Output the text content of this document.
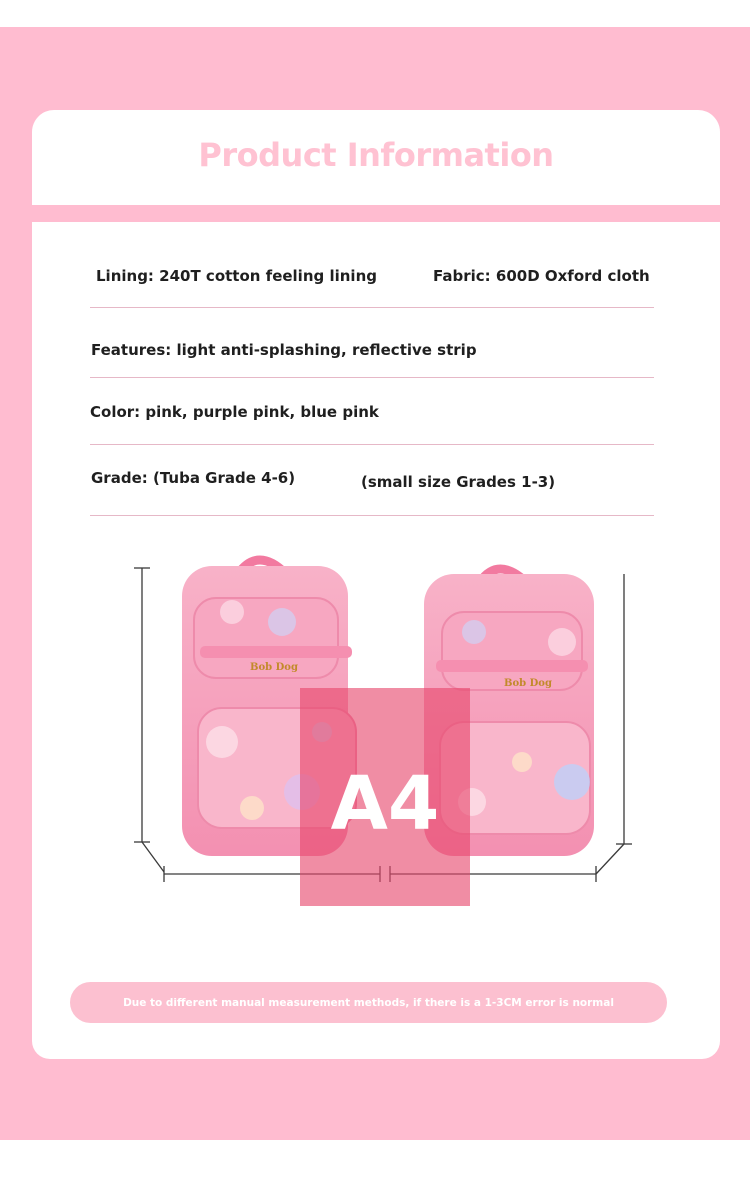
Product Information
Lining: 240T cotton feeling lining	Fabric: 600D Oxford cloth
Features: light anti-splashing, reflective strip
Color: pink, purple pink, blue pink
Grade: (Tuba Grade 4-6)	(small size Grades 1-3)
Bob Dog
Bob Dog
A4
Due to different manual measurement methods, if there is a 1-3CM error is normal
